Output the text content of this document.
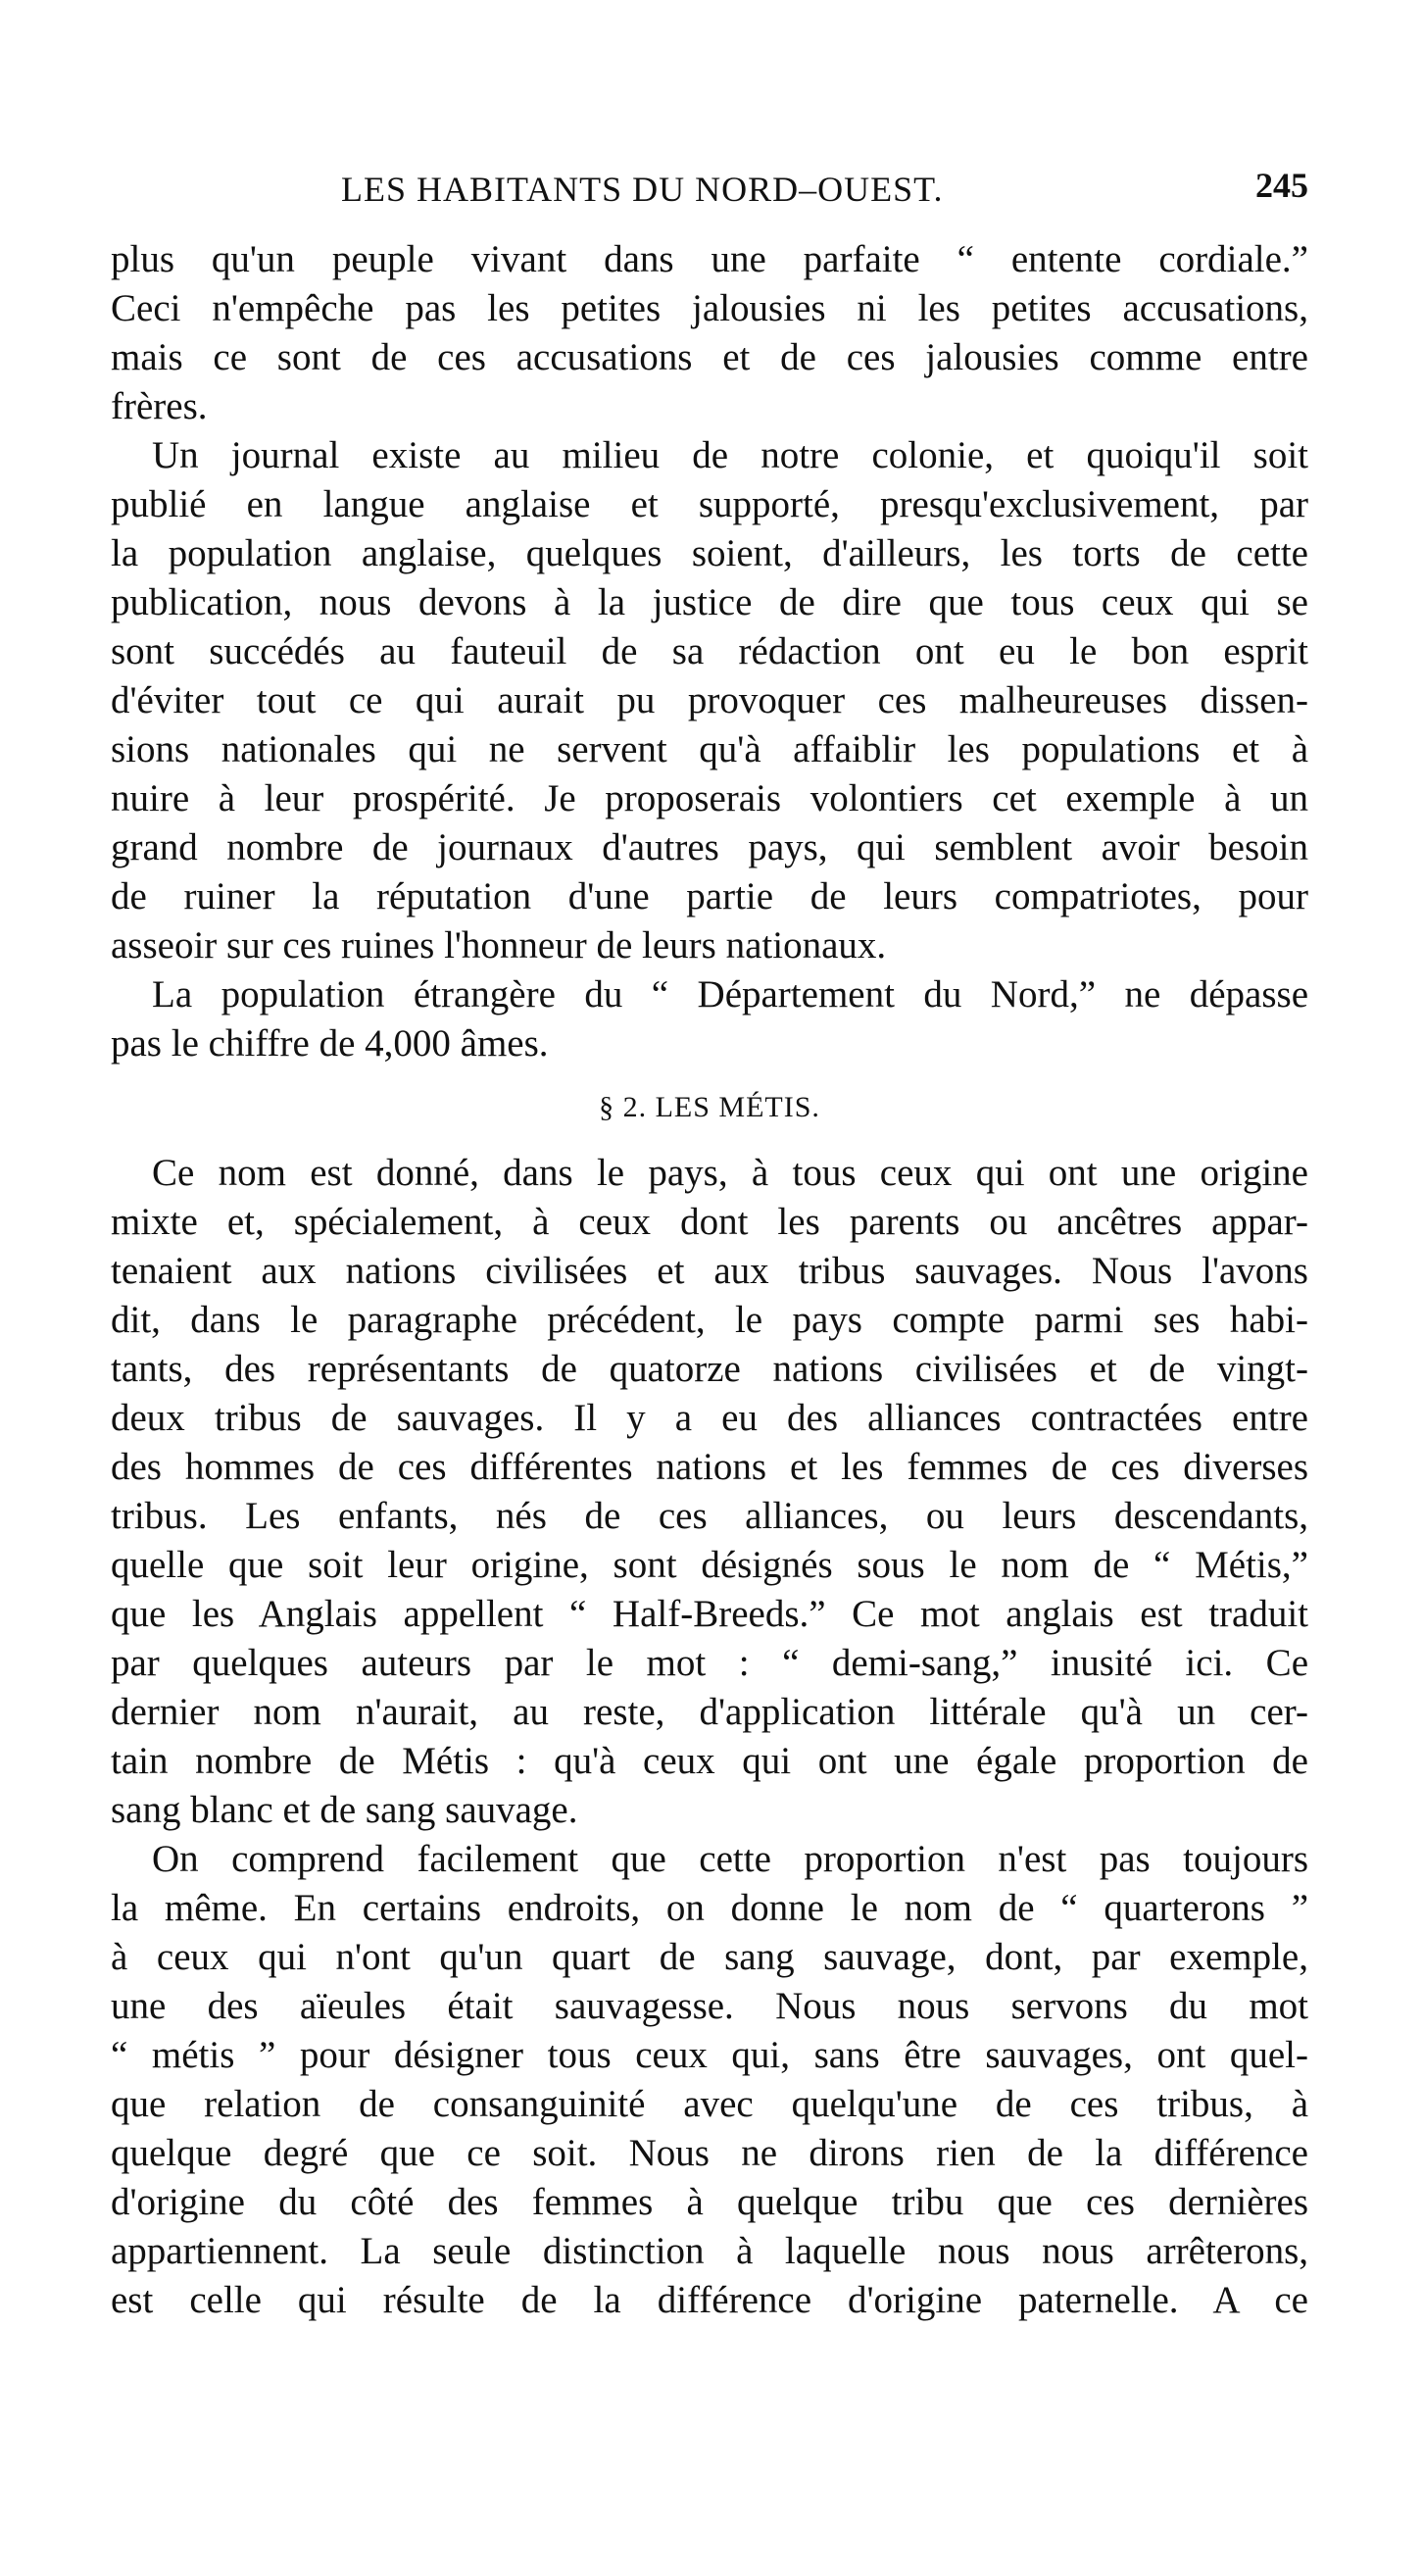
LES HABITANTS DU NORD–OUEST.	245

plus qu'un peuple vivant dans une parfaite “ entente cordiale.”
Ceci n'empêche pas les petites jalousies ni les petites accusations,
mais ce sont de ces accusations et de ces jalousies comme entre
frères.

Un journal existe au milieu de notre colonie, et quoiqu'il soit
publié en langue anglaise et supporté, presqu'exclusivement, par
la population anglaise, quelques soient, d'ailleurs, les torts de cette
publication, nous devons à la justice de dire que tous ceux qui se
sont succédés au fauteuil de sa rédaction ont eu le bon esprit
d'éviter tout ce qui aurait pu provoquer ces malheureuses dissen-
sions nationales qui ne servent qu'à affaiblir les populations et à
nuire à leur prospérité. Je proposerais volontiers cet exemple à un
grand nombre de journaux d'autres pays, qui semblent avoir besoin
de ruiner la réputation d'une partie de leurs compatriotes, pour
asseoir sur ces ruines l'honneur de leurs nationaux.

La population étrangère du “ Département du Nord,” ne dépasse
pas le chiffre de 4,000 âmes.

§ 2. LES MÉTIS.

Ce nom est donné, dans le pays, à tous ceux qui ont une origine
mixte et, spécialement, à ceux dont les parents ou ancêtres appar-
tenaient aux nations civilisées et aux tribus sauvages. Nous l'avons
dit, dans le paragraphe précédent, le pays compte parmi ses habi-
tants, des représentants de quatorze nations civilisées et de vingt-
deux tribus de sauvages. Il y a eu des alliances contractées entre
des hommes de ces différentes nations et les femmes de ces diverses
tribus. Les enfants, nés de ces alliances, ou leurs descendants,
quelle que soit leur origine, sont désignés sous le nom de “ Métis,”
que les Anglais appellent “ Half-Breeds.” Ce mot anglais est traduit
par quelques auteurs par le mot : “ demi-sang,” inusité ici. Ce
dernier nom n'aurait, au reste, d'application littérale qu'à un cer-
tain nombre de Métis : qu'à ceux qui ont une égale proportion de
sang blanc et de sang sauvage.

On comprend facilement que cette proportion n'est pas toujours
la même. En certains endroits, on donne le nom de “ quarterons ”
à ceux qui n'ont qu'un quart de sang sauvage, dont, par exemple,
une des aïeules était sauvagesse. Nous nous servons du mot
“ métis ” pour désigner tous ceux qui, sans être sauvages, ont quel-
que relation de consanguinité avec quelqu'une de ces tribus, à
quelque degré que ce soit. Nous ne dirons rien de la différence
d'origine du côté des femmes à quelque tribu que ces dernières
appartiennent. La seule distinction à laquelle nous nous arrêterons,
est celle qui résulte de la différence d'origine paternelle. A ce
